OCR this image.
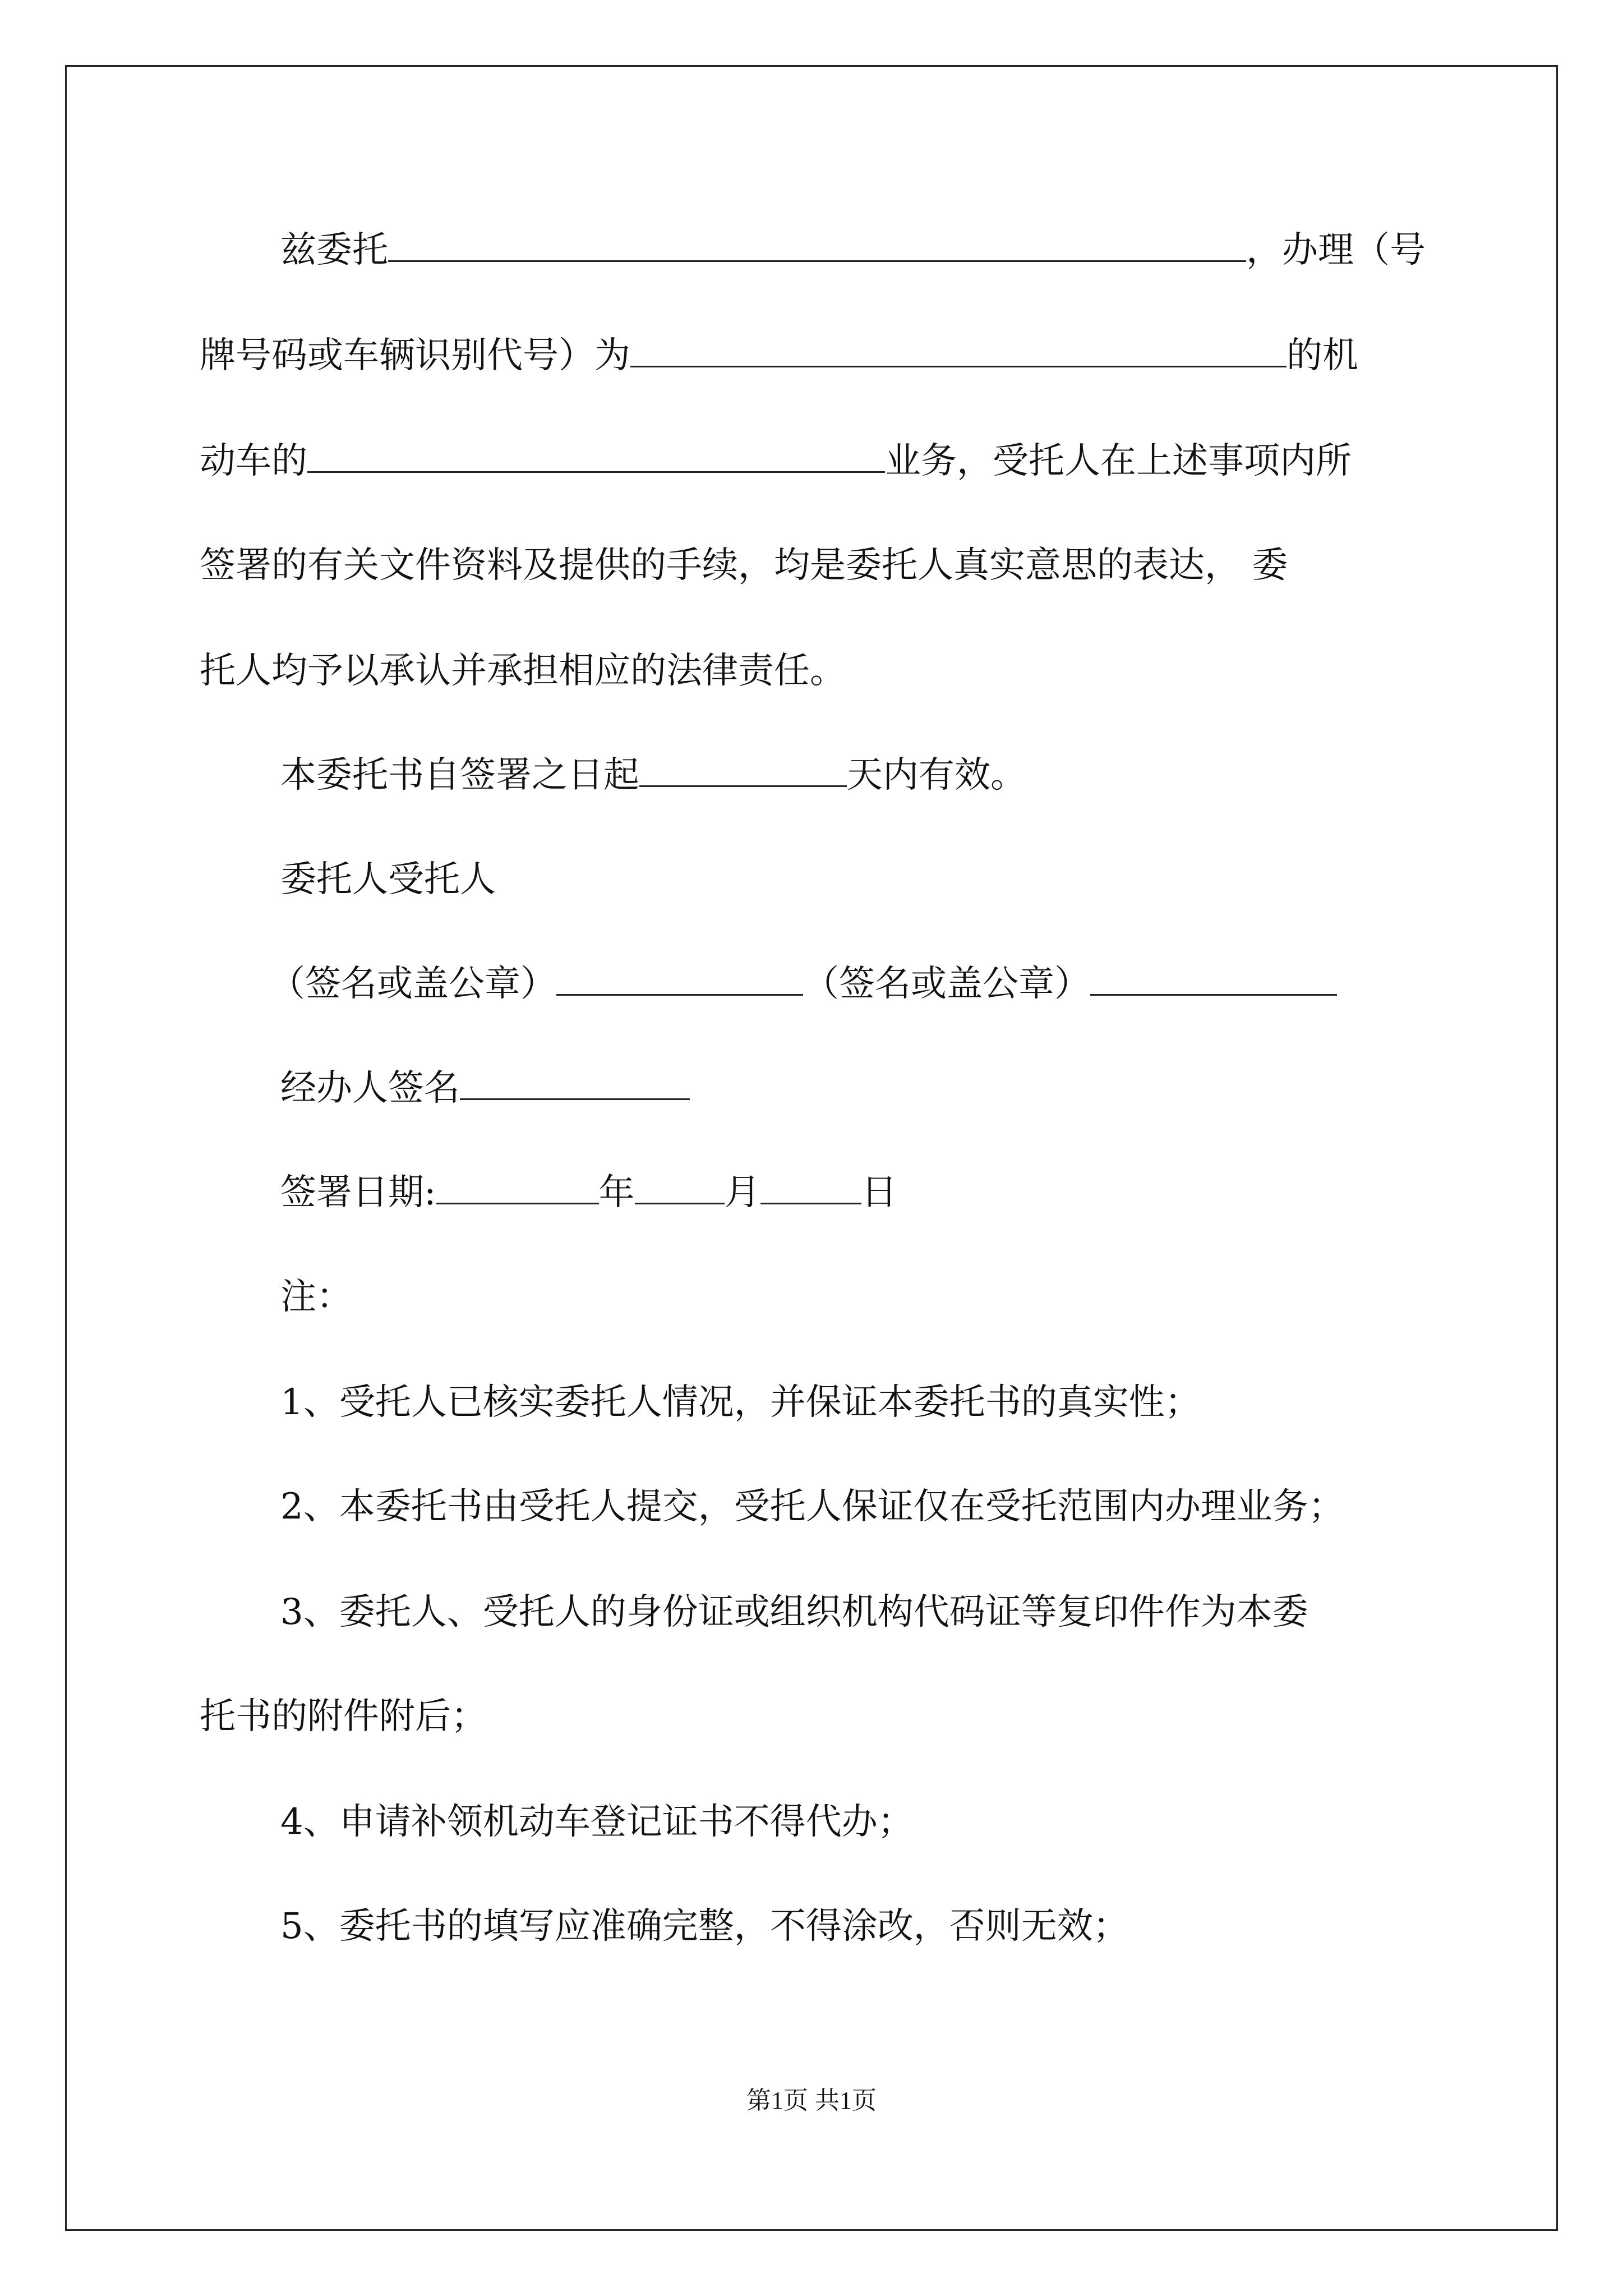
兹委托	，办理（号
牌号码或车辆识别代号）为	的机
动车的	业务，受托人在上述事项内所
签署的有关文件资料及提供的手续，均是委托人真实意思的表达， 委
托人均予以承认并承担相应的法律责任。
本委托书自签署之日起	天内有效。
委托人受托人
（签名或盖公章）	（签名或盖公章）
经办人签名
签署日期:	年	月	日
注：
1、受托人已核实委托人情况，并保证本委托书的真实性；
2、本委托书由受托人提交，受托人保证仅在受托范围内办理业务；
3、委托人、受托人的身份证或组织机构代码证等复印件作为本委
托书的附件附后；
4、申请补领机动车登记证书不得代办；
5、委托书的填写应准确完整，不得涂改，否则无效；
第1页 共1页
